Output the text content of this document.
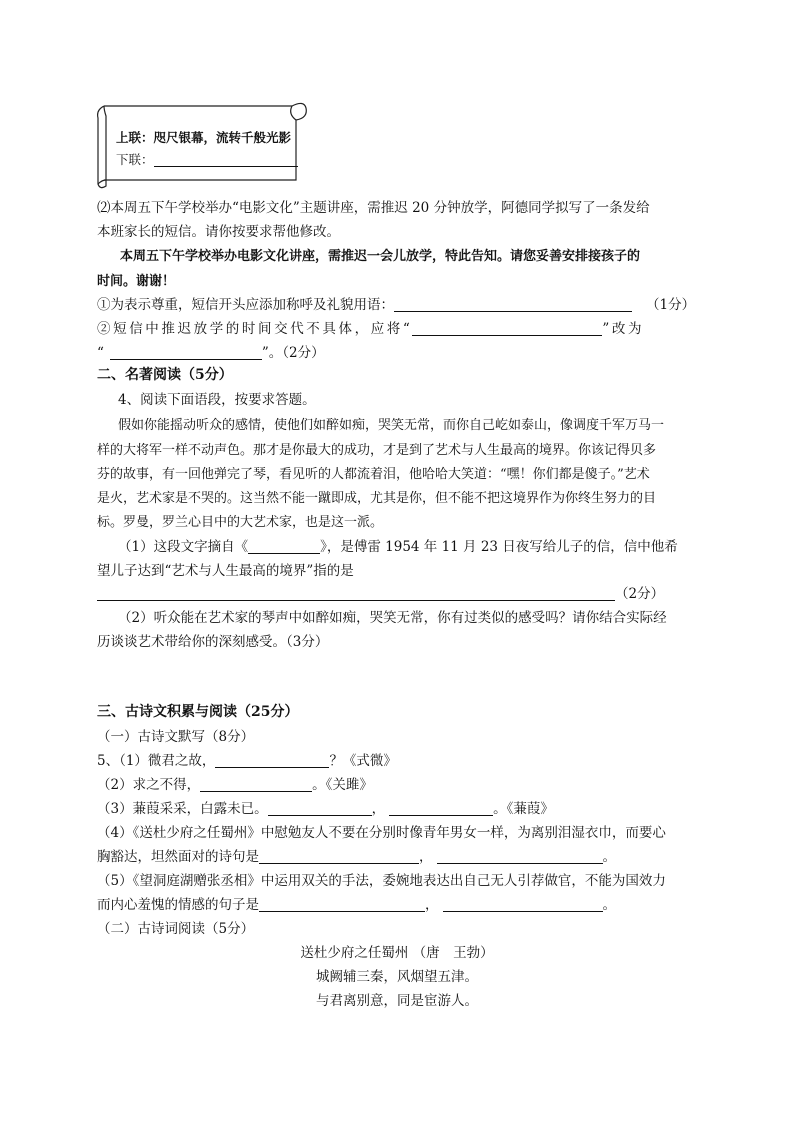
上联：咫尺银幕，流转千般光影
下联：
⑵本周五下午学校举办“电影文化”主题讲座，需推迟 20 分钟放学，阿德同学拟写了一条发给
本班家长的短信。请你按要求帮他修改。
本周五下午学校举办电影文化讲座，需推迟一会儿放学，特此告知。请您妥善安排接孩子的
时间。谢谢！
①为表示尊重，短信开头应添加称呼及礼貌用语：	（1分）
②短信中推迟放学的时间交代不具体，应将“	”改为
“	”。（2分）
二、名著阅读（5分）
4、阅读下面语段，按要求答题。
假如你能摇动听众的感情，使他们如醉如痴，哭笑无常，而你自己屹如泰山，像调度千军万马一
样的大将军一样不动声色。那才是你最大的成功，才是到了艺术与人生最高的境界。你该记得贝多
芬的故事，有一回他弹完了琴，看见听的人都流着泪，他哈哈大笑道：“嘿！你们都是傻子。”艺术
是火，艺术家是不哭的。这当然不能一蹴即成，尤其是你，但不能不把这境界作为你终生努力的目
标。罗曼，罗兰心目中的大艺术家，也是这一派。
（1）这段文字摘自《	》，是傅雷 1954 年 11 月 23 日夜写给儿子的信，信中他希
望儿子达到“艺术与人生最高的境界”指的是
（2分）
（2）听众能在艺术家的琴声中如醉如痴，哭笑无常，你有过类似的感受吗？请你结合实际经
历谈谈艺术带给你的深刻感受。（3分）
三、古诗文积累与阅读（25分）
（一）古诗文默写（8分）
5、（1）微君之故，	？《式微》
（2）求之不得，	。《关雎》
（3）蒹葭采采，白露未已。	，	。《蒹葭》
（4）《送杜少府之任蜀州》中慰勉友人不要在分别时像青年男女一样，为离别泪湿衣巾，而要心
胸豁达，坦然面对的诗句是	，	。
（5）《望洞庭湖赠张丞相》中运用双关的手法，委婉地表达出自己无人引荐做官，不能为国效力
而内心羞愧的情感的句子是	，	。
（二）古诗词阅读（5分）
送杜少府之任蜀州 （唐　王勃）
城阙辅三秦，风烟望五津。
与君离别意，同是宦游人。
